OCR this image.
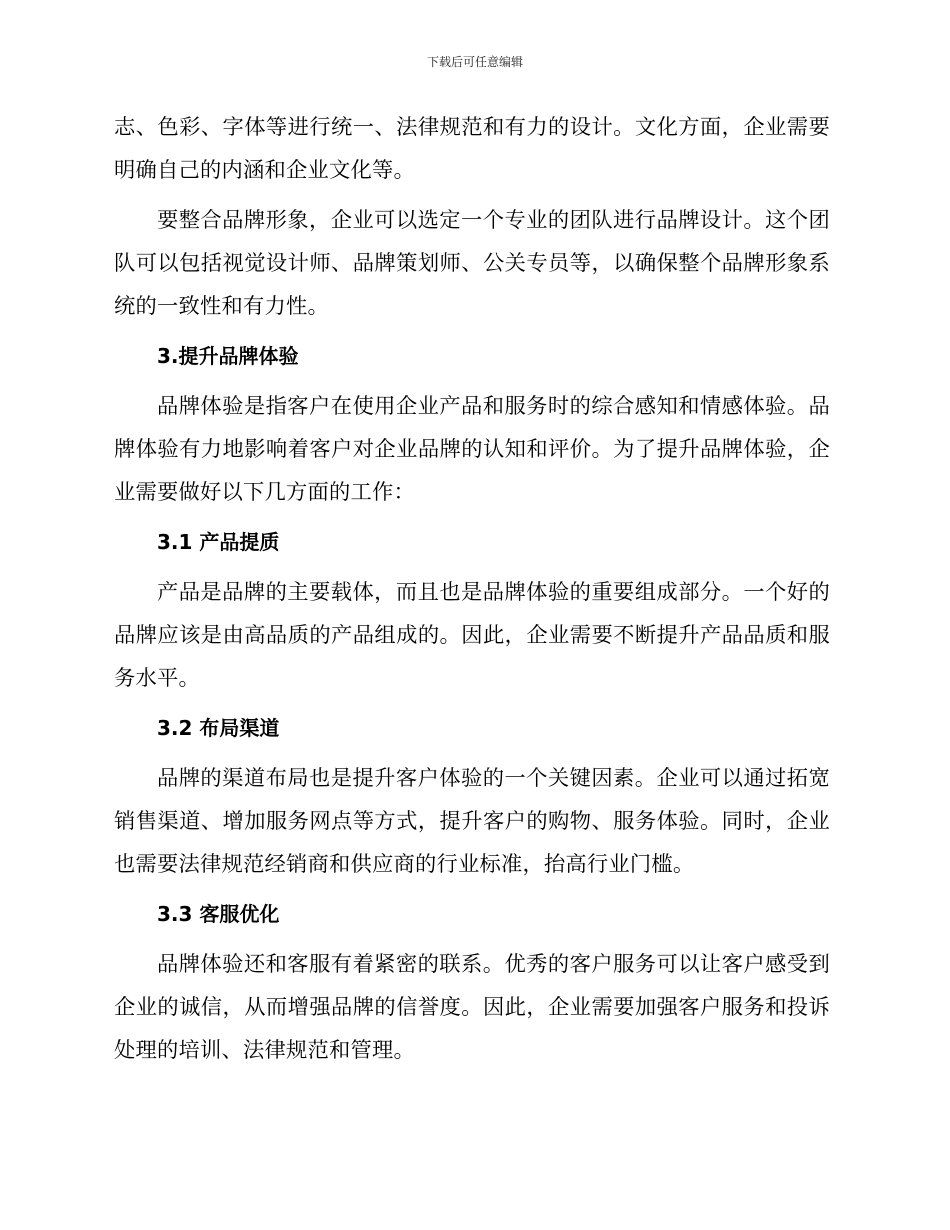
下载后可任意编辑

志、色彩、字体等进行统一、法律规范和有力的设计。文化方面，企业需要明确自己的内涵和企业文化等。

要整合品牌形象，企业可以选定一个专业的团队进行品牌设计。这个团队可以包括视觉设计师、品牌策划师、公关专员等，以确保整个品牌形象系统的一致性和有力性。

3.提升品牌体验

品牌体验是指客户在使用企业产品和服务时的综合感知和情感体验。品牌体验有力地影响着客户对企业品牌的认知和评价。为了提升品牌体验，企业需要做好以下几方面的工作：

3.1 产品提质

产品是品牌的主要载体，而且也是品牌体验的重要组成部分。一个好的品牌应该是由高品质的产品组成的。因此，企业需要不断提升产品品质和服务水平。

3.2 布局渠道

品牌的渠道布局也是提升客户体验的一个关键因素。企业可以通过拓宽销售渠道、增加服务网点等方式，提升客户的购物、服务体验。同时，企业也需要法律规范经销商和供应商的行业标准，抬高行业门槛。

3.3 客服优化

品牌体验还和客服有着紧密的联系。优秀的客户服务可以让客户感受到企业的诚信，从而增强品牌的信誉度。因此，企业需要加强客户服务和投诉处理的培训、法律规范和管理。
